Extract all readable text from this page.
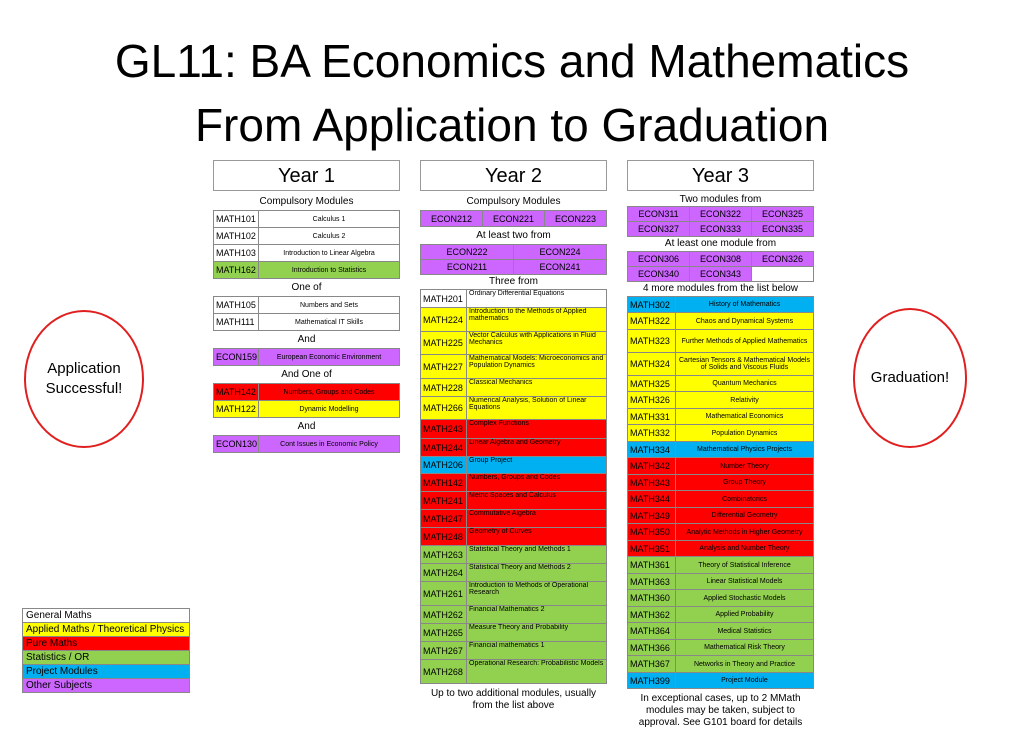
GL11: BA Economics and Mathematics
From Application to Graduation
Application Successful!
Graduation!
Year 1
Compulsory Modules
MATH101	Calculus 1
MATH102	Calculus 2
MATH103	Introduction to Linear Algebra
MATH162	Introduction to Statistics
One of
MATH105	Numbers and Sets
MATH111	Mathematical IT Skills
And
ECON159	European Economic Environment
And One of
MATH142	Numbers, Groups and Codes
MATH122	Dynamic Modelling
And
ECON130	Cont Issues in Economic Policy
Year 2
Compulsory Modules
ECON212	ECON221	ECON223
At least two from
ECON222	ECON224
ECON211	ECON241
Three from
MATH201	Ordinary Differential Equations
MATH224	Introduction to the Methods of Applied mathematics
MATH225	Vector Calculus with Applications in Fluid Mechanics
MATH227	Mathematical Models: Microeconomics and Population Dynamics
MATH228	Classical Mechanics
MATH266	Numerical Analysis, Solution of Linear Equations
MATH243	Complex Functions
MATH244	Linear Algebra and Geometry
MATH206	Group Project
MATH142	Numbers, Groups and Codes
MATH241	Metric Spaces and Calculus
MATH247	Commutative Algebra
MATH248	Geometry of Curves
MATH263	Statistical Theory and Methods 1
MATH264	Statistical Theory and Methods 2
MATH261	Introduction to Methods of Operational Research
MATH262	Financial Mathematics 2
MATH265	Measure Theory and Probability
MATH267	Financial mathematics 1
MATH268	Operational Research: Probabilistic Models
Up to two additional modules, usually from the list above
Year 3
Two modules from
ECON311	ECON322	ECON325
ECON327	ECON333	ECON335
At least one module from
ECON306	ECON308	ECON326
ECON340	ECON343	
4 more modules from the list below
MATH302	History of Mathematics
MATH322	Chaos and Dynamical Systems
MATH323	Further Methods of Applied Mathematics
MATH324	Cartesian Tensors & Mathematical Models of Solids and Viscous Fluids
MATH325	Quantum Mechanics
MATH326	Relativity
MATH331	Mathematical Economics
MATH332	Population Dynamics
MATH334	Mathematical Physics Projects
MATH342	Number Theory
MATH343	Group Theory
MATH344	Combinatorics
MATH349	Differential Geometry
MATH350	Analytic Methods in Higher Geometry
MATH351	Analysis and Number Theory
MATH361	Theory of Statistical Inference
MATH363	Linear Statistical Models
MATH360	Applied Stochastic Models
MATH362	Applied Probability
MATH364	Medical Statistics
MATH366	Mathematical Risk Theory
MATH367	Networks in Theory and Practice
MATH399	Project Module
In exceptional cases, up to 2 MMath modules may be taken, subject to approval. See G101 board for details
General Maths
Applied Maths / Theoretical Physics
Pure Maths
Statistics / OR
Project Modules
Other Subjects
